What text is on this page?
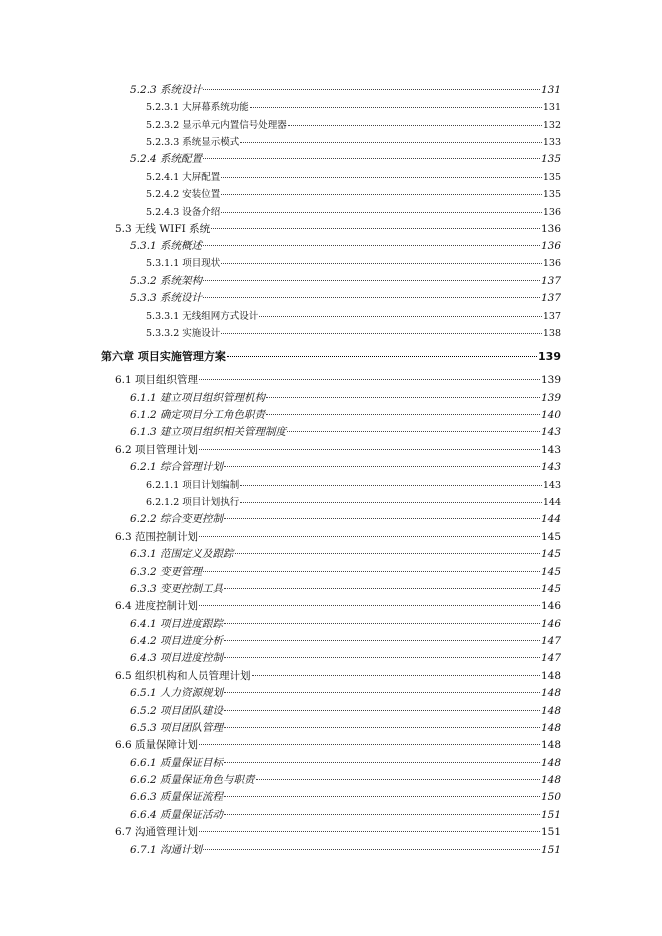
5.2.3 系统设计	131
5.2.3.1 大屏幕系统功能	131
5.2.3.2 显示单元内置信号处理器	132
5.2.3.3 系统显示模式	133
5.2.4 系统配置	135
5.2.4.1 大屏配置	135
5.2.4.2 安装位置	135
5.2.4.3 设备介绍	136
5.3 无线 WIFI 系统	136
5.3.1 系统概述	136
5.3.1.1 项目现状	136
5.3.2 系统架构	137
5.3.3 系统设计	137
5.3.3.1 无线组网方式设计	137
5.3.3.2 实施设计	138
第六章 项目实施管理方案	139
6.1 项目组织管理	139
6.1.1 建立项目组织管理机构	139
6.1.2 确定项目分工角色职责	140
6.1.3 建立项目组织相关管理制度	143
6.2 项目管理计划	143
6.2.1 综合管理计划	143
6.2.1.1 项目计划编制	143
6.2.1.2 项目计划执行	144
6.2.2 综合变更控制	144
6.3 范围控制计划	145
6.3.1 范围定义及跟踪	145
6.3.2 变更管理	145
6.3.3 变更控制工具	145
6.4 进度控制计划	146
6.4.1 项目进度跟踪	146
6.4.2 项目进度分析	147
6.4.3 项目进度控制	147
6.5 组织机构和人员管理计划	148
6.5.1 人力资源规划	148
6.5.2 项目团队建设	148
6.5.3 项目团队管理	148
6.6 质量保障计划	148
6.6.1 质量保证目标	148
6.6.2 质量保证角色与职责	148
6.6.3 质量保证流程	150
6.6.4 质量保证活动	151
6.7 沟通管理计划	151
6.7.1 沟通计划	151
